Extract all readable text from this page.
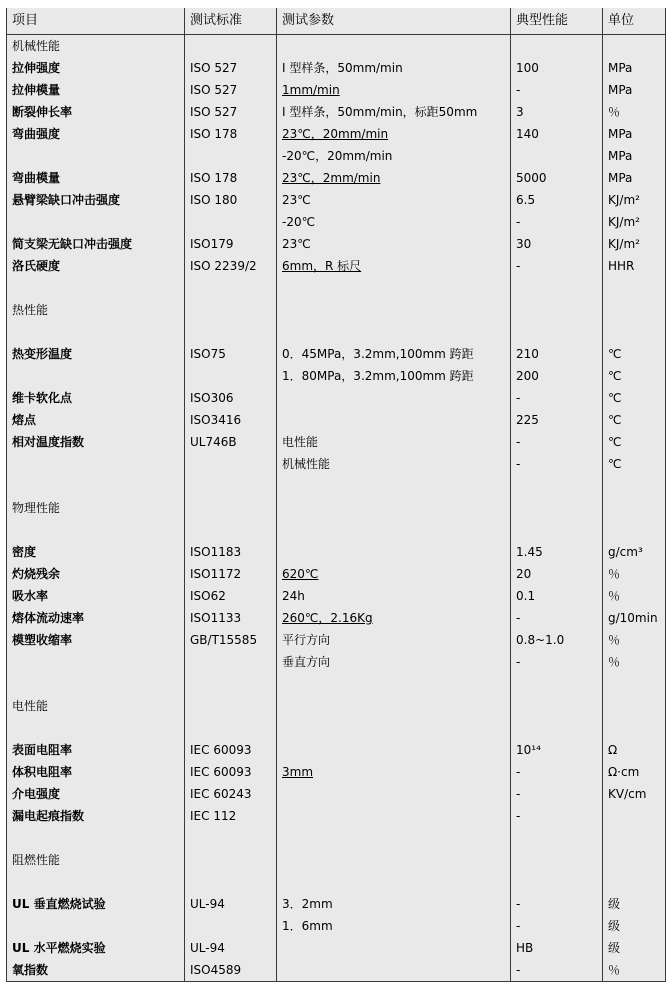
项目	测试标准	测试参数	典型性能	单位
机械性能				
拉伸强度	ISO 527	I 型样条，50mm/min	100	MPa
拉伸模量	ISO 527	1mm/min	-	MPa
断裂伸长率	ISO 527	I 型样条，50mm/min，标距50mm	3	％
弯曲强度	ISO 178	23℃，20mm/min	140	MPa
		-20℃，20mm/min		MPa
弯曲模量	ISO 178	23℃，2mm/min	5000	MPa
悬臂梁缺口冲击强度	ISO 180	23℃	6.5	KJ/m²
		-20℃	-	KJ/m²
简支梁无缺口冲击强度	ISO179	23℃	30	KJ/m²
洛氏硬度	ISO 2239/2	6mm，R 标尺	-	HHR

热性能				

热变形温度	ISO75	0．45MPa，3.2mm,100mm 跨距	210	℃
		1．80MPa，3.2mm,100mm 跨距	200	℃
维卡软化点	ISO306		-	℃
熔点	ISO3416		225	℃
相对温度指数	UL746B	电性能	-	℃
		机械性能	-	℃

物理性能				

密度	ISO1183		1.45	g/cm³
灼烧残余	ISO1172	620℃	20	％
吸水率	ISO62	24h	0.1	％
熔体流动速率	ISO1133	260℃，2.16Kg	-	g/10min
模塑收缩率	GB/T15585	平行方向	0.8~1.0	％
		垂直方向	-	％

电性能				

表面电阻率	IEC 60093		10¹⁴	Ω
体积电阻率	IEC 60093	3mm	-	Ω·cm
介电强度	IEC 60243		-	KV/cm
漏电起痕指数	IEC 112		-	

阻燃性能				

UL 垂直燃烧试验	UL-94	3．2mm	-	级
		1．6mm	-	级
UL 水平燃烧实验	UL-94		HB	级
氧指数	ISO4589		-	％
